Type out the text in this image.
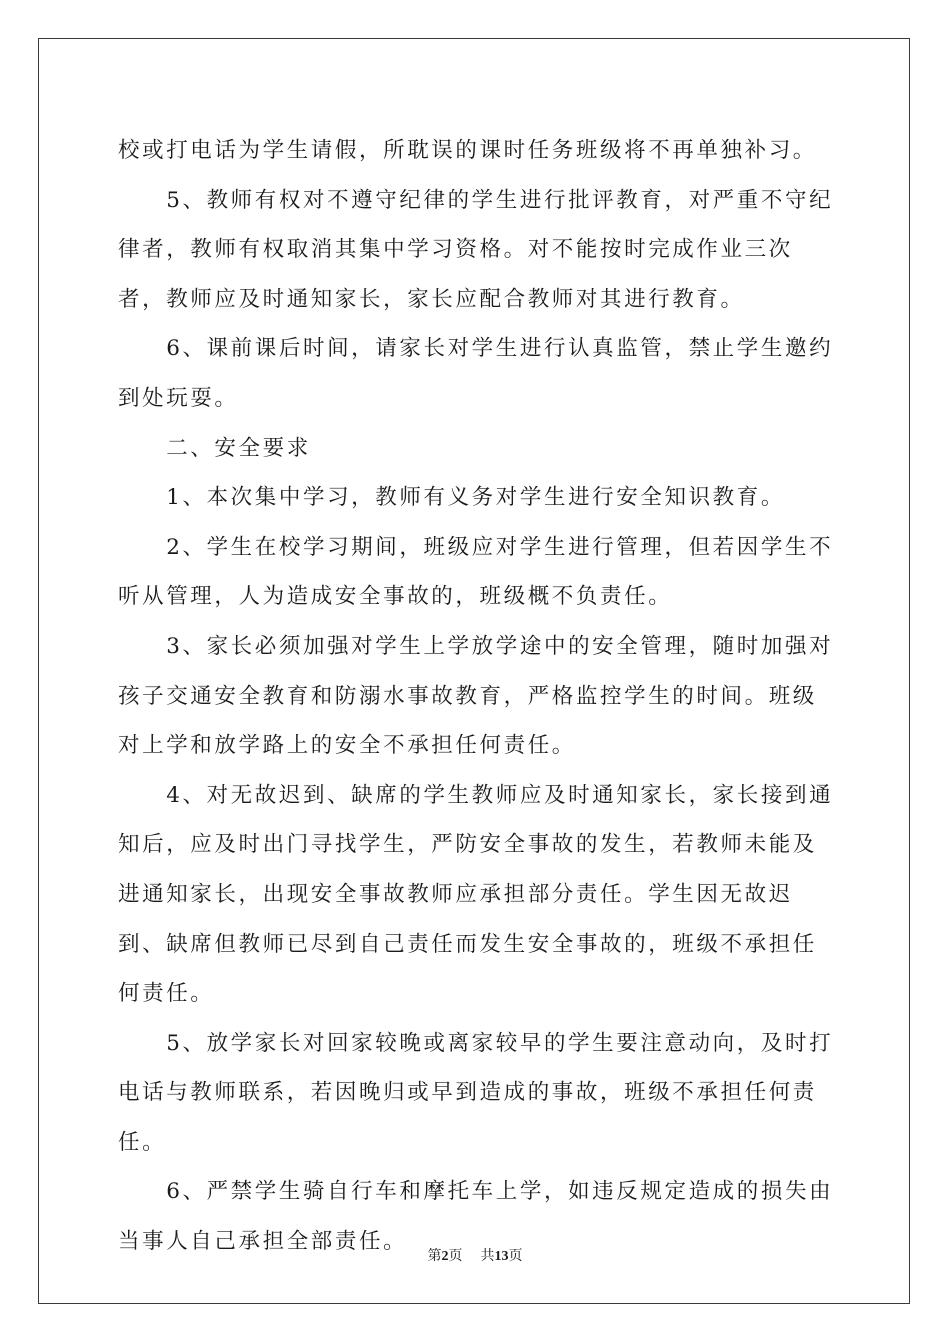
校或打电话为学生请假，所耽误的课时任务班级将不再单独补习。

　　5、教师有权对不遵守纪律的学生进行批评教育，对严重不守纪律者，教师有权取消其集中学习资格。对不能按时完成作业三次者，教师应及时通知家长，家长应配合教师对其进行教育。

　　6、课前课后时间，请家长对学生进行认真监管，禁止学生邀约到处玩耍。

　　二、安全要求

　　1、本次集中学习，教师有义务对学生进行安全知识教育。

　　2、学生在校学习期间，班级应对学生进行管理，但若因学生不听从管理，人为造成安全事故的，班级概不负责任。

　　3、家长必须加强对学生上学放学途中的安全管理，随时加强对孩子交通安全教育和防溺水事故教育，严格监控学生的时间。班级对上学和放学路上的安全不承担任何责任。

　　4、对无故迟到、缺席的学生教师应及时通知家长，家长接到通知后，应及时出门寻找学生，严防安全事故的发生，若教师未能及进通知家长，出现安全事故教师应承担部分责任。学生因无故迟到、缺席但教师已尽到自己责任而发生安全事故的，班级不承担任何责任。

　　5、放学家长对回家较晚或离家较早的学生要注意动向，及时打电话与教师联系，若因晚归或早到造成的事故，班级不承担任何责任。

　　6、严禁学生骑自行车和摩托车上学，如违反规定造成的损失由当事人自己承担全部责任。

第2页 共13页
